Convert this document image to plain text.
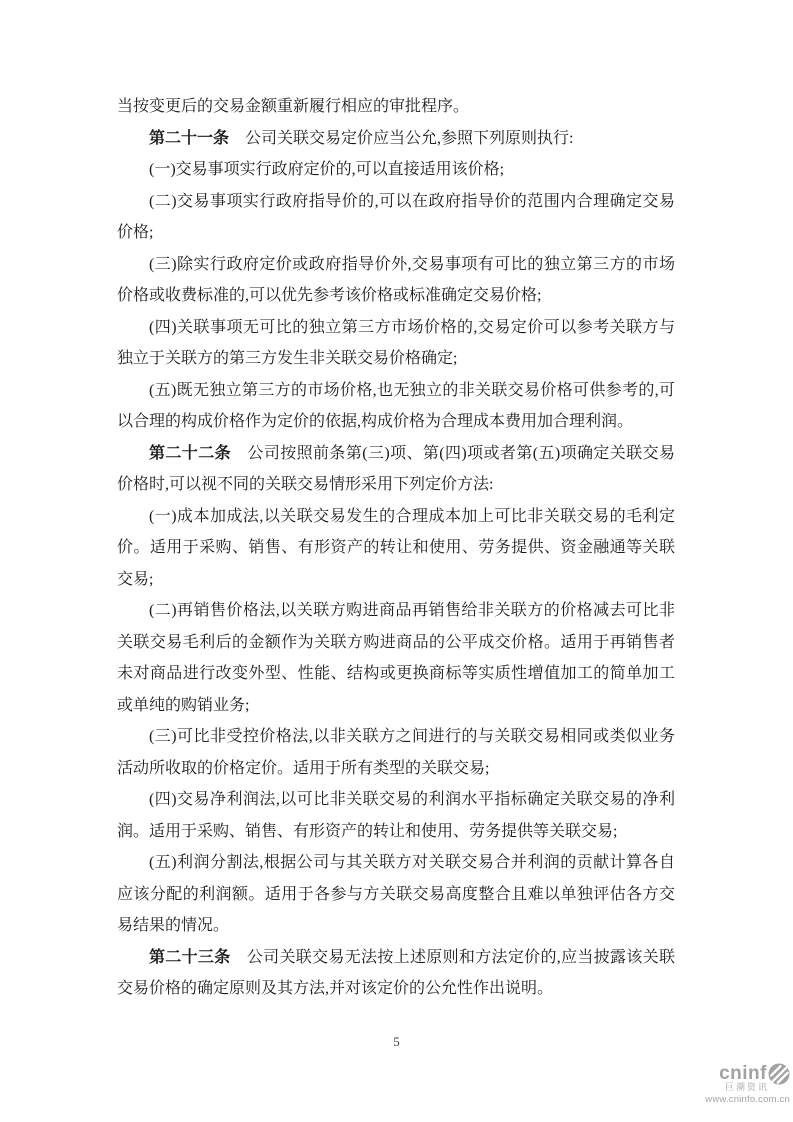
当按变更后的交易金额重新履行相应的审批程序。

第二十一条　公司关联交易定价应当公允,参照下列原则执行:

(一)交易事项实行政府定价的,可以直接适用该价格;

(二)交易事项实行政府指导价的,可以在政府指导价的范围内合理确定交易价格;

(三)除实行政府定价或政府指导价外,交易事项有可比的独立第三方的市场价格或收费标准的,可以优先参考该价格或标准确定交易价格;

(四)关联事项无可比的独立第三方市场价格的,交易定价可以参考关联方与独立于关联方的第三方发生非关联交易价格确定;

(五)既无独立第三方的市场价格,也无独立的非关联交易价格可供参考的,可以合理的构成价格作为定价的依据,构成价格为合理成本费用加合理利润。

第二十二条　公司按照前条第(三)项、第(四)项或者第(五)项确定关联交易价格时,可以视不同的关联交易情形采用下列定价方法:

(一)成本加成法,以关联交易发生的合理成本加上可比非关联交易的毛利定价。适用于采购、销售、有形资产的转让和使用、劳务提供、资金融通等关联交易;

(二)再销售价格法,以关联方购进商品再销售给非关联方的价格减去可比非关联交易毛利后的金额作为关联方购进商品的公平成交价格。适用于再销售者未对商品进行改变外型、性能、结构或更换商标等实质性增值加工的简单加工或单纯的购销业务;

(三)可比非受控价格法,以非关联方之间进行的与关联交易相同或类似业务活动所收取的价格定价。适用于所有类型的关联交易;

(四)交易净利润法,以可比非关联交易的利润水平指标确定关联交易的净利润。适用于采购、销售、有形资产的转让和使用、劳务提供等关联交易;

(五)利润分割法,根据公司与其关联方对关联交易合并利润的贡献计算各自应该分配的利润额。适用于各参与方关联交易高度整合且难以单独评估各方交易结果的情况。

第二十三条　公司关联交易无法按上述原则和方法定价的,应当披露该关联交易价格的确定原则及其方法,并对该定价的公允性作出说明。

5
cninf
巨潮资讯
www.cninfo.com.cn
